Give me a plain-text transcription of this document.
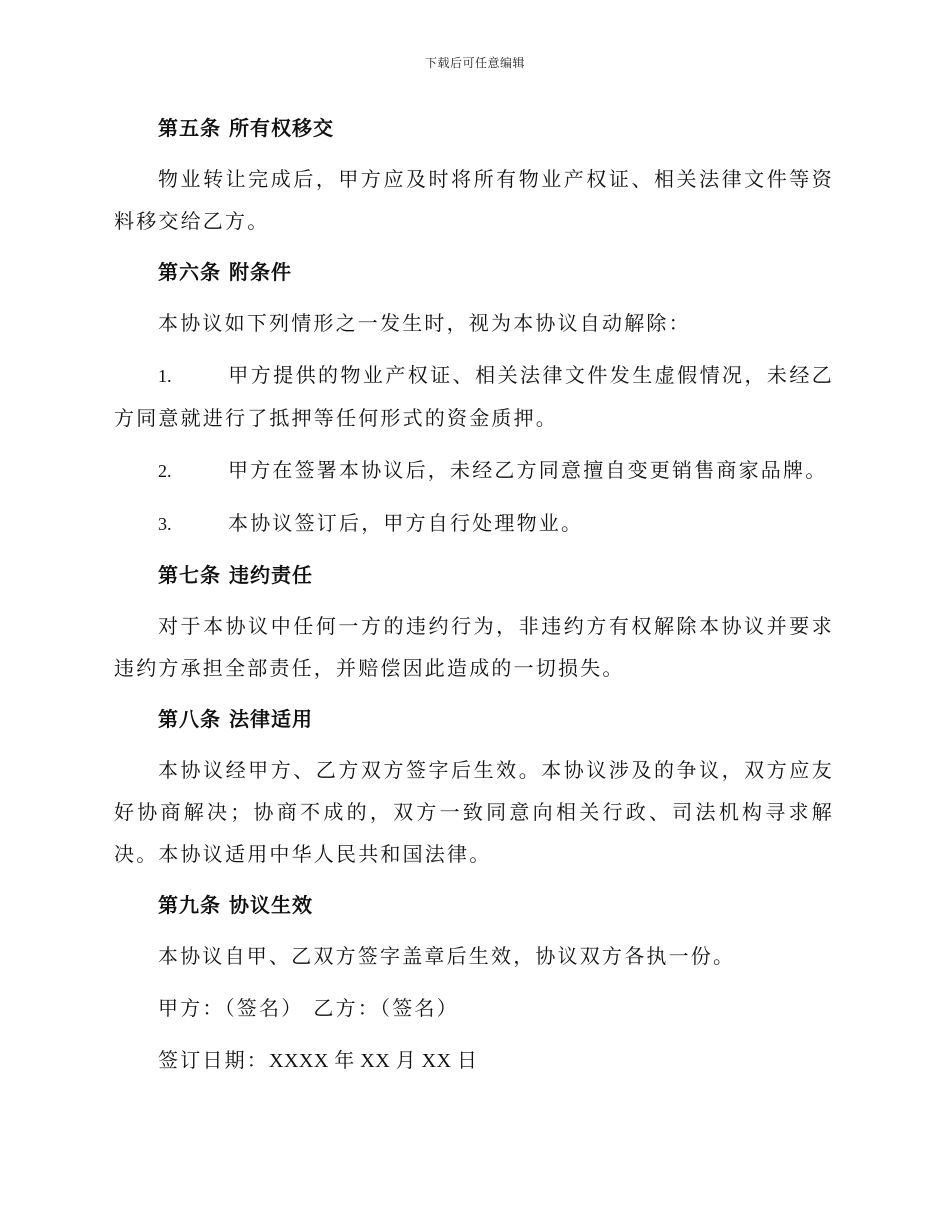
下载后可任意编辑
第五条 所有权移交

物业转让完成后，甲方应及时将所有物业产权证、相关法律文件等资料移交给乙方。

第六条 附条件

本协议如下列情形之一发生时，视为本协议自动解除：

1.	甲方提供的物业产权证、相关法律文件发生虚假情况，未经乙方同意就进行了抵押等任何形式的资金质押。

2.	甲方在签署本协议后，未经乙方同意擅自变更销售商家品牌。

3.	本协议签订后，甲方自行处理物业。

第七条 违约责任

对于本协议中任何一方的违约行为，非违约方有权解除本协议并要求违约方承担全部责任，并赔偿因此造成的一切损失。

第八条 法律适用

本协议经甲方、乙方双方签字后生效。本协议涉及的争议，双方应友好协商解决；协商不成的，双方一致同意向相关行政、司法机构寻求解决。本协议适用中华人民共和国法律。

第九条 协议生效

本协议自甲、乙双方签字盖章后生效，协议双方各执一份。

甲方：（签名） 乙方：（签名）

签订日期：XXXX 年 XX 月 XX 日
